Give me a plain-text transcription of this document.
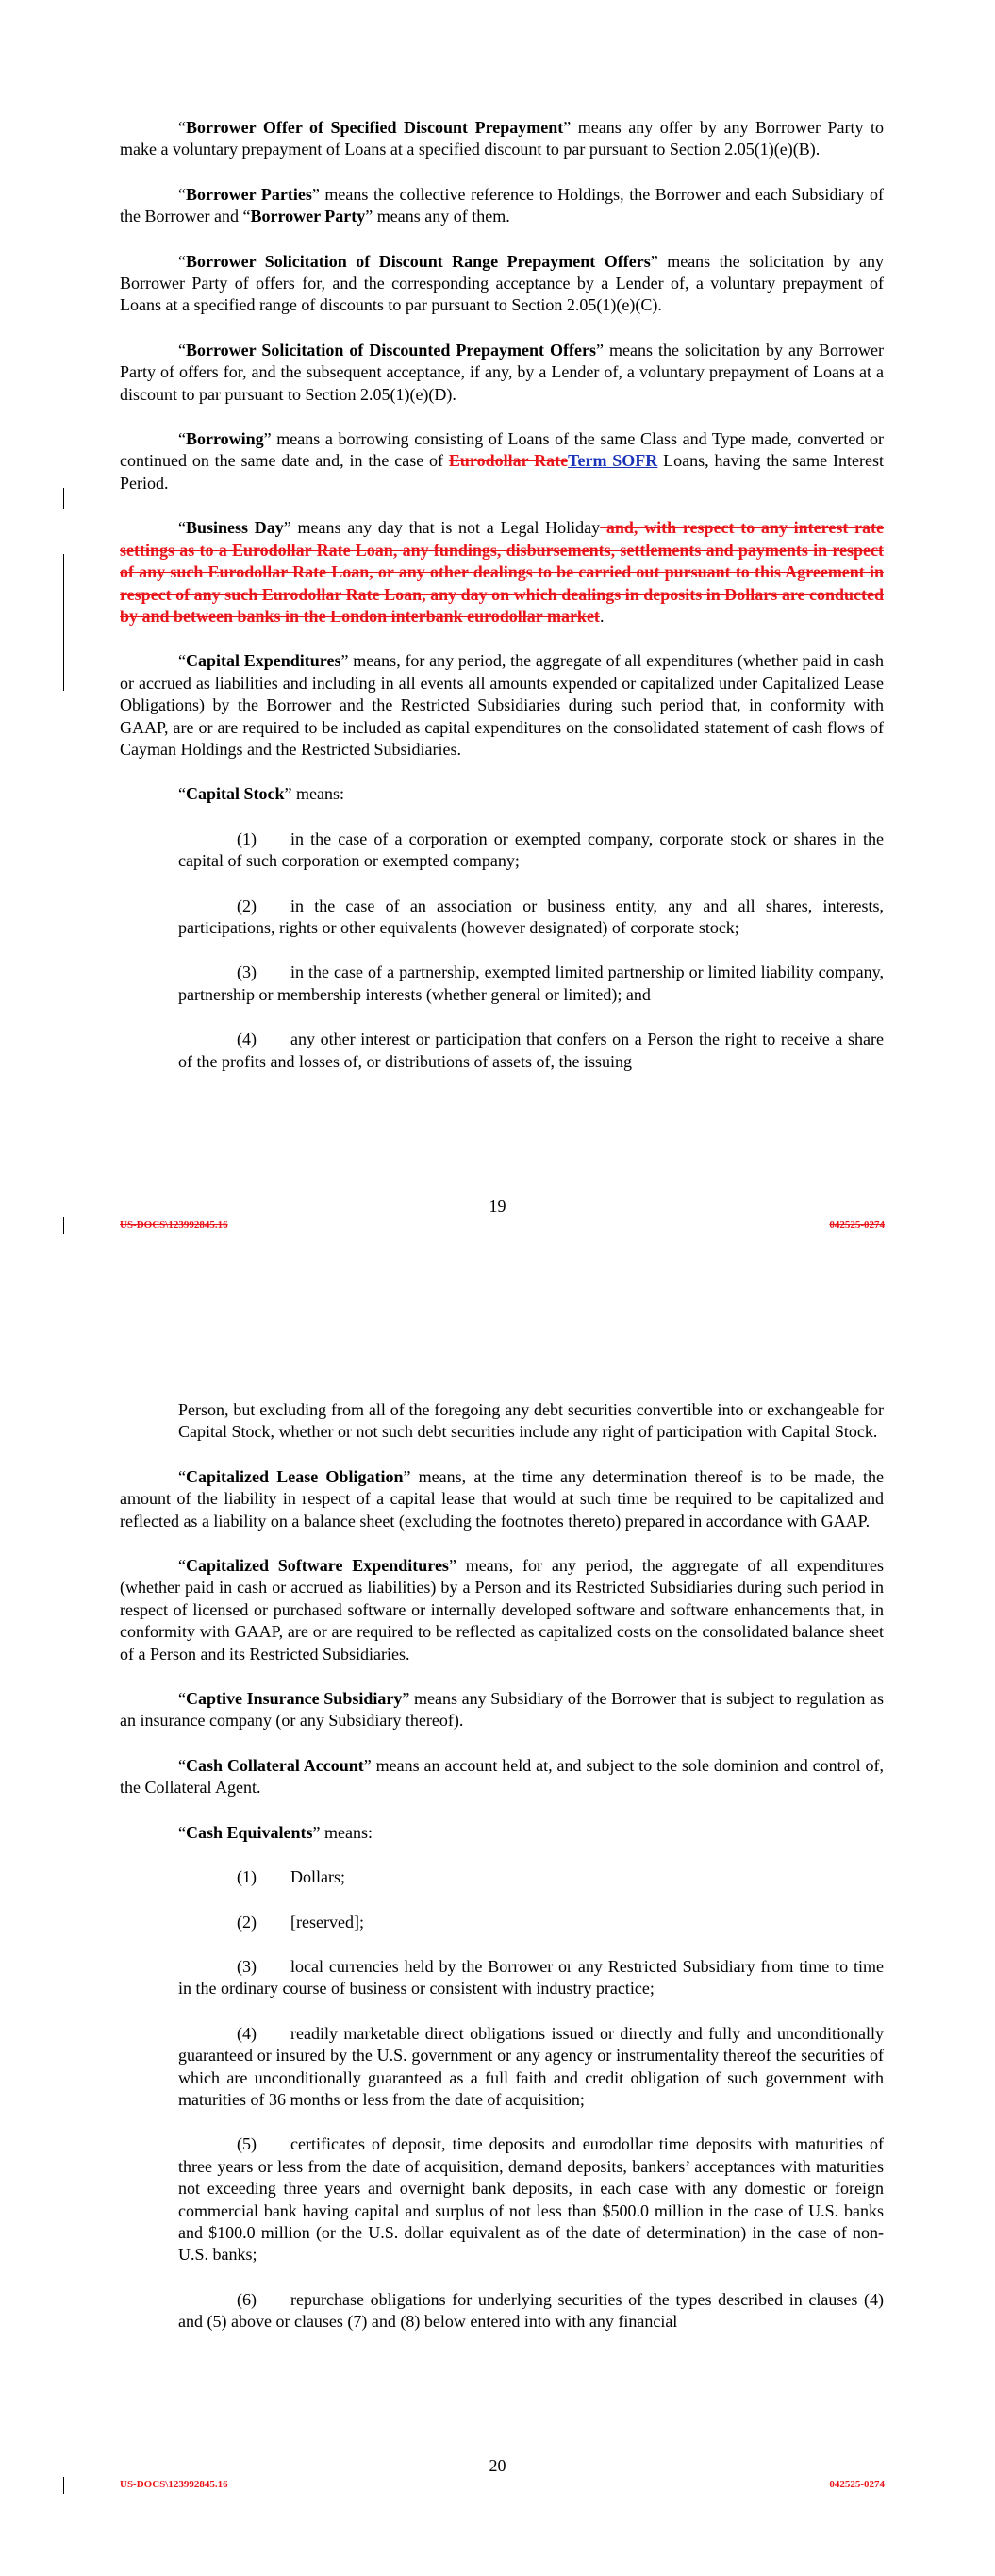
“Borrower Offer of Specified Discount Prepayment” means any offer by any Borrower Party to make a voluntary prepayment of Loans at a specified discount to par pursuant to Section 2.05(1)(e)(B).

“Borrower Parties” means the collective reference to Holdings, the Borrower and each Subsidiary of the Borrower and “Borrower Party” means any of them.

“Borrower Solicitation of Discount Range Prepayment Offers” means the solicitation by any Borrower Party of offers for, and the corresponding acceptance by a Lender of, a voluntary prepayment of Loans at a specified range of discounts to par pursuant to Section 2.05(1)(e)(C).

“Borrower Solicitation of Discounted Prepayment Offers” means the solicitation by any Borrower Party of offers for, and the subsequent acceptance, if any, by a Lender of, a voluntary prepayment of Loans at a discount to par pursuant to Section 2.05(1)(e)(D).

“Borrowing” means a borrowing consisting of Loans of the same Class and Type made, converted or continued on the same date and, in the case of Eurodollar RateTerm SOFR Loans, having the same Interest Period.

“Business Day” means any day that is not a Legal Holiday and, with respect to any interest rate settings as to a Eurodollar Rate Loan, any fundings, disbursements, settlements and payments in respect of any such Eurodollar Rate Loan, or any other dealings to be carried out pursuant to this Agreement in respect of any such Eurodollar Rate Loan, any day on which dealings in deposits in Dollars are conducted by and between banks in the London interbank eurodollar market.

“Capital Expenditures” means, for any period, the aggregate of all expenditures (whether paid in cash or accrued as liabilities and including in all events all amounts expended or capitalized under Capitalized Lease Obligations) by the Borrower and the Restricted Subsidiaries during such period that, in conformity with GAAP, are or are required to be included as capital expenditures on the consolidated statement of cash flows of Cayman Holdings and the Restricted Subsidiaries.

“Capital Stock” means:

(1)   in the case of a corporation or exempted company, corporate stock or shares in the capital of such corporation or exempted company;

(2)   in the case of an association or business entity, any and all shares, interests, participations, rights or other equivalents (however designated) of corporate stock;

(3)   in the case of a partnership, exempted limited partnership or limited liability company, partnership or membership interests (whether general or limited); and

(4)   any other interest or participation that confers on a Person the right to receive a share of the profits and losses of, or distributions of assets of, the issuing

19
US-DOCS\123992845.16	042525-0274

Person, but excluding from all of the foregoing any debt securities convertible into or exchangeable for Capital Stock, whether or not such debt securities include any right of participation with Capital Stock.

“Capitalized Lease Obligation” means, at the time any determination thereof is to be made, the amount of the liability in respect of a capital lease that would at such time be required to be capitalized and reflected as a liability on a balance sheet (excluding the footnotes thereto) prepared in accordance with GAAP.

“Capitalized Software Expenditures” means, for any period, the aggregate of all expenditures (whether paid in cash or accrued as liabilities) by a Person and its Restricted Subsidiaries during such period in respect of licensed or purchased software or internally developed software and software enhancements that, in conformity with GAAP, are or are required to be reflected as capitalized costs on the consolidated balance sheet of a Person and its Restricted Subsidiaries.

“Captive Insurance Subsidiary” means any Subsidiary of the Borrower that is subject to regulation as an insurance company (or any Subsidiary thereof).

“Cash Collateral Account” means an account held at, and subject to the sole dominion and control of, the Collateral Agent.

“Cash Equivalents” means:

(1)   Dollars;

(2)   [reserved];

(3)   local currencies held by the Borrower or any Restricted Subsidiary from time to time in the ordinary course of business or consistent with industry practice;

(4)   readily marketable direct obligations issued or directly and fully and unconditionally guaranteed or insured by the U.S. government or any agency or instrumentality thereof the securities of which are unconditionally guaranteed as a full faith and credit obligation of such government with maturities of 36 months or less from the date of acquisition;

(5)   certificates of deposit, time deposits and eurodollar time deposits with maturities of three years or less from the date of acquisition, demand deposits, bankers’ acceptances with maturities not exceeding three years and overnight bank deposits, in each case with any domestic or foreign commercial bank having capital and surplus of not less than $500.0 million in the case of U.S. banks and $100.0 million (or the U.S. dollar equivalent as of the date of determination) in the case of non-U.S. banks;

(6)   repurchase obligations for underlying securities of the types described in clauses (4) and (5) above or clauses (7) and (8) below entered into with any financial

20
US-DOCS\123992845.16	042525-0274
